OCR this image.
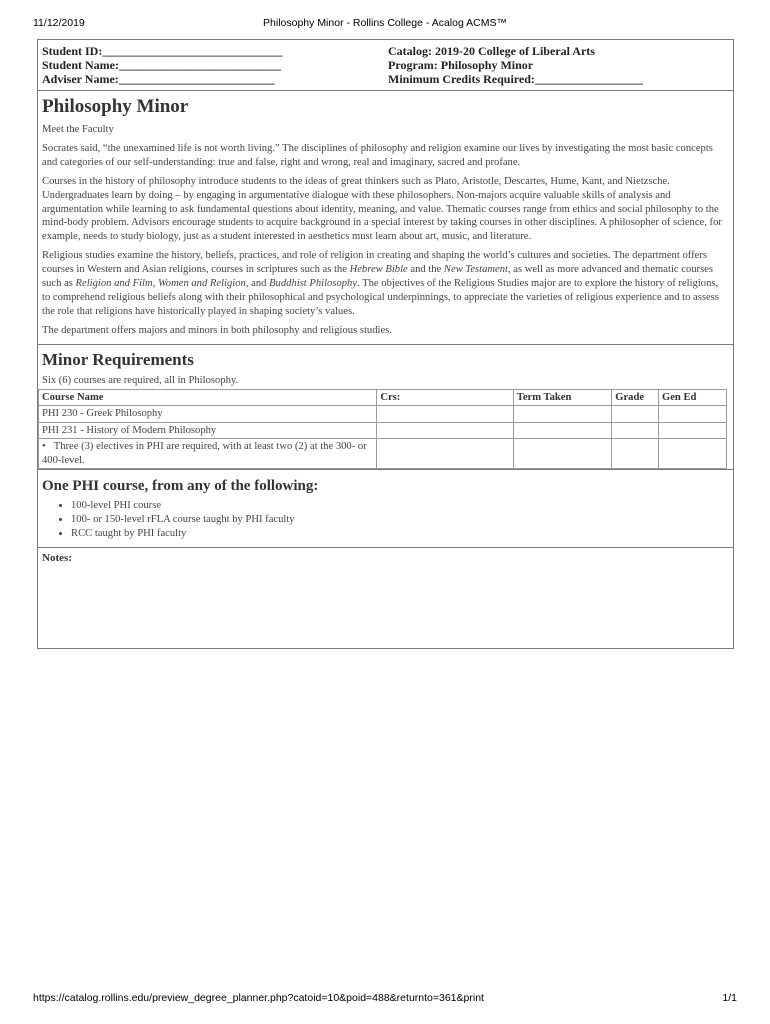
11/12/2019	Philosophy Minor - Rollins College - Acalog ACMS™
Student ID:______________________________
Student Name:___________________________
Adviser Name:__________________________
Catalog: 2019-20 College of Liberal Arts
Program: Philosophy Minor
Minimum Credits Required:__________________
Philosophy Minor

Meet the Faculty

Socrates said, “the unexamined life is not worth living.” The disciplines of philosophy and religion examine our lives by investigating the most basic concepts and categories of our self-understanding: true and false, right and wrong, real and imaginary, sacred and profane.

Courses in the history of philosophy introduce students to the ideas of great thinkers such as Plato, Aristotle, Descartes, Hume, Kant, and Nietzsche. Undergraduates learn by doing – by engaging in argumentative dialogue with these philosophers. Non-majors acquire valuable skills of analysis and argumentation while learning to ask fundamental questions about identity, meaning, and value. Thematic courses range from ethics and social philosophy to the mind-body problem. Advisors encourage students to acquire background in a special interest by taking courses in other disciplines. A philosopher of science, for example, needs to study biology, just as a student interested in aesthetics must learn about art, music, and literature.

Religious studies examine the history, beliefs, practices, and role of religion in creating and shaping the world’s cultures and societies. The department offers courses in Western and Asian religions, courses in scriptures such as the Hebrew Bible and the New Testament, as well as more advanced and thematic courses such as Religion and Film, Women and Religion, and Buddhist Philosophy. The objectives of the Religious Studies major are to explore the history of religions, to comprehend religious beliefs along with their philosophical and psychological underpinnings, to appreciate the varieties of religious experience and to assess the role that religions have historically played in shaping society’s values.

The department offers majors and minors in both philosophy and religious studies.

Minor Requirements

Six (6) courses are required, all in Philosophy.

Course Name	Crs:	Term Taken	Grade	Gen Ed
PHI 230 - Greek Philosophy				
PHI 231 - History of Modern Philosophy				
• Three (3) electives in PHI are required, with at least two (2) at the 300- or 400-level.				
One PHI course, from any of the following:
• 100-level PHI course
• 100- or 150-level rFLA course taught by PHI faculty
• RCC taught by PHI faculty
Notes:
https://catalog.rollins.edu/preview_degree_planner.php?catoid=10&poid=488&returnto=361&print	1/1
